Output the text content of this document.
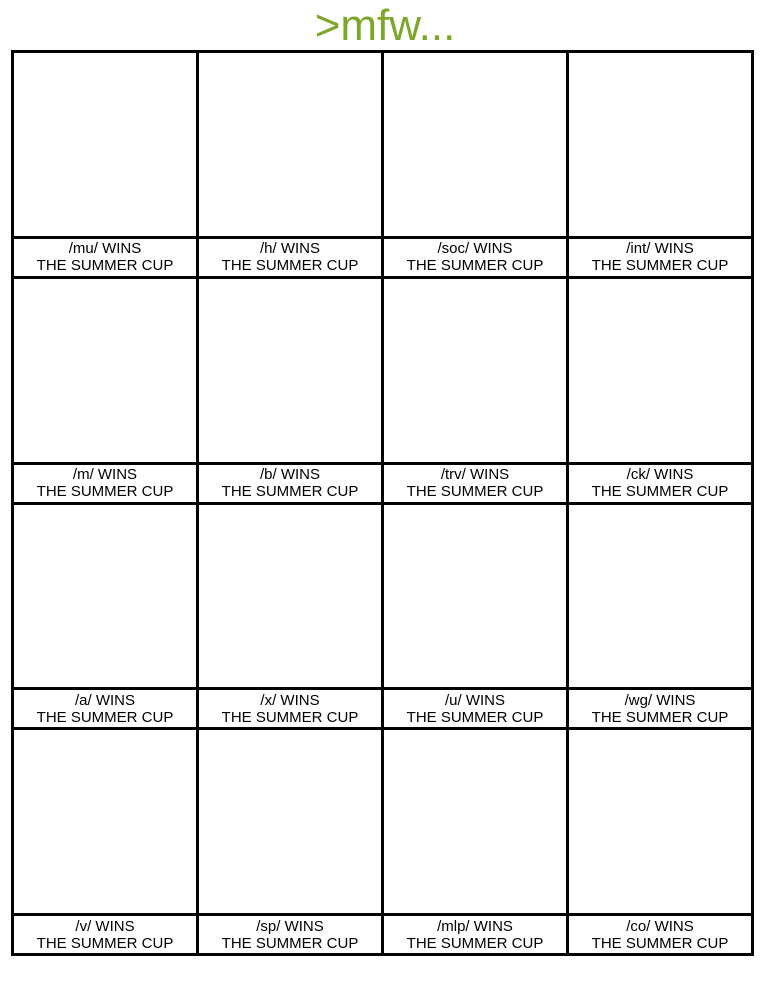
>mfw...
/mu/ WINS
THE SUMMER CUP
/h/ WINS
THE SUMMER CUP
/soc/ WINS
THE SUMMER CUP
/int/ WINS
THE SUMMER CUP
/m/ WINS
THE SUMMER CUP
/b/ WINS
THE SUMMER CUP
/trv/ WINS
THE SUMMER CUP
/ck/ WINS
THE SUMMER CUP
/a/ WINS
THE SUMMER CUP
/x/ WINS
THE SUMMER CUP
/u/ WINS
THE SUMMER CUP
/wg/ WINS
THE SUMMER CUP
/v/ WINS
THE SUMMER CUP
/sp/ WINS
THE SUMMER CUP
/mlp/ WINS
THE SUMMER CUP
/co/ WINS
THE SUMMER CUP
